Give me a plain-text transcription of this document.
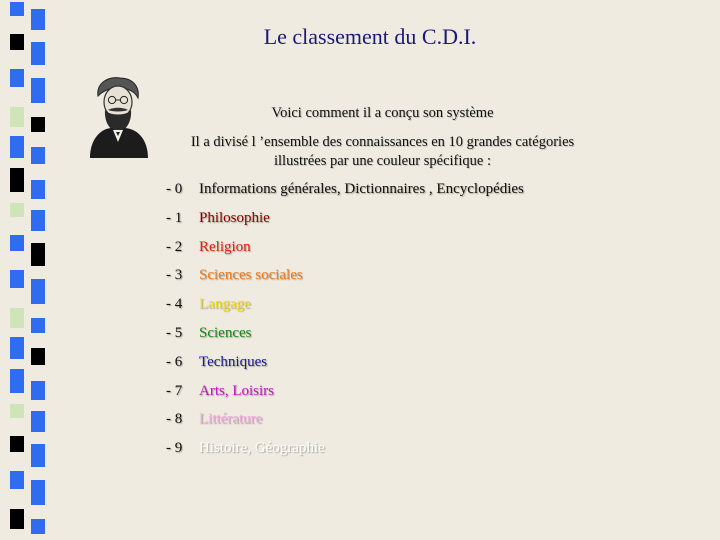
Le classement du C.D.I.
Voici comment il a conçu son système
Il a divisé l ’ensemble des connaissances en 10 grandes catégories illustrées par une couleur spécifique :
- 0 Informations générales, Dictionnaires , Encyclopédies
- 1 Philosophie
- 2 Religion
- 3 Sciences sociales
- 4 Langage
- 5 Sciences
- 6 Techniques
- 7 Arts, Loisirs
- 8 Littérature
- 9 Histoire, Géographie
